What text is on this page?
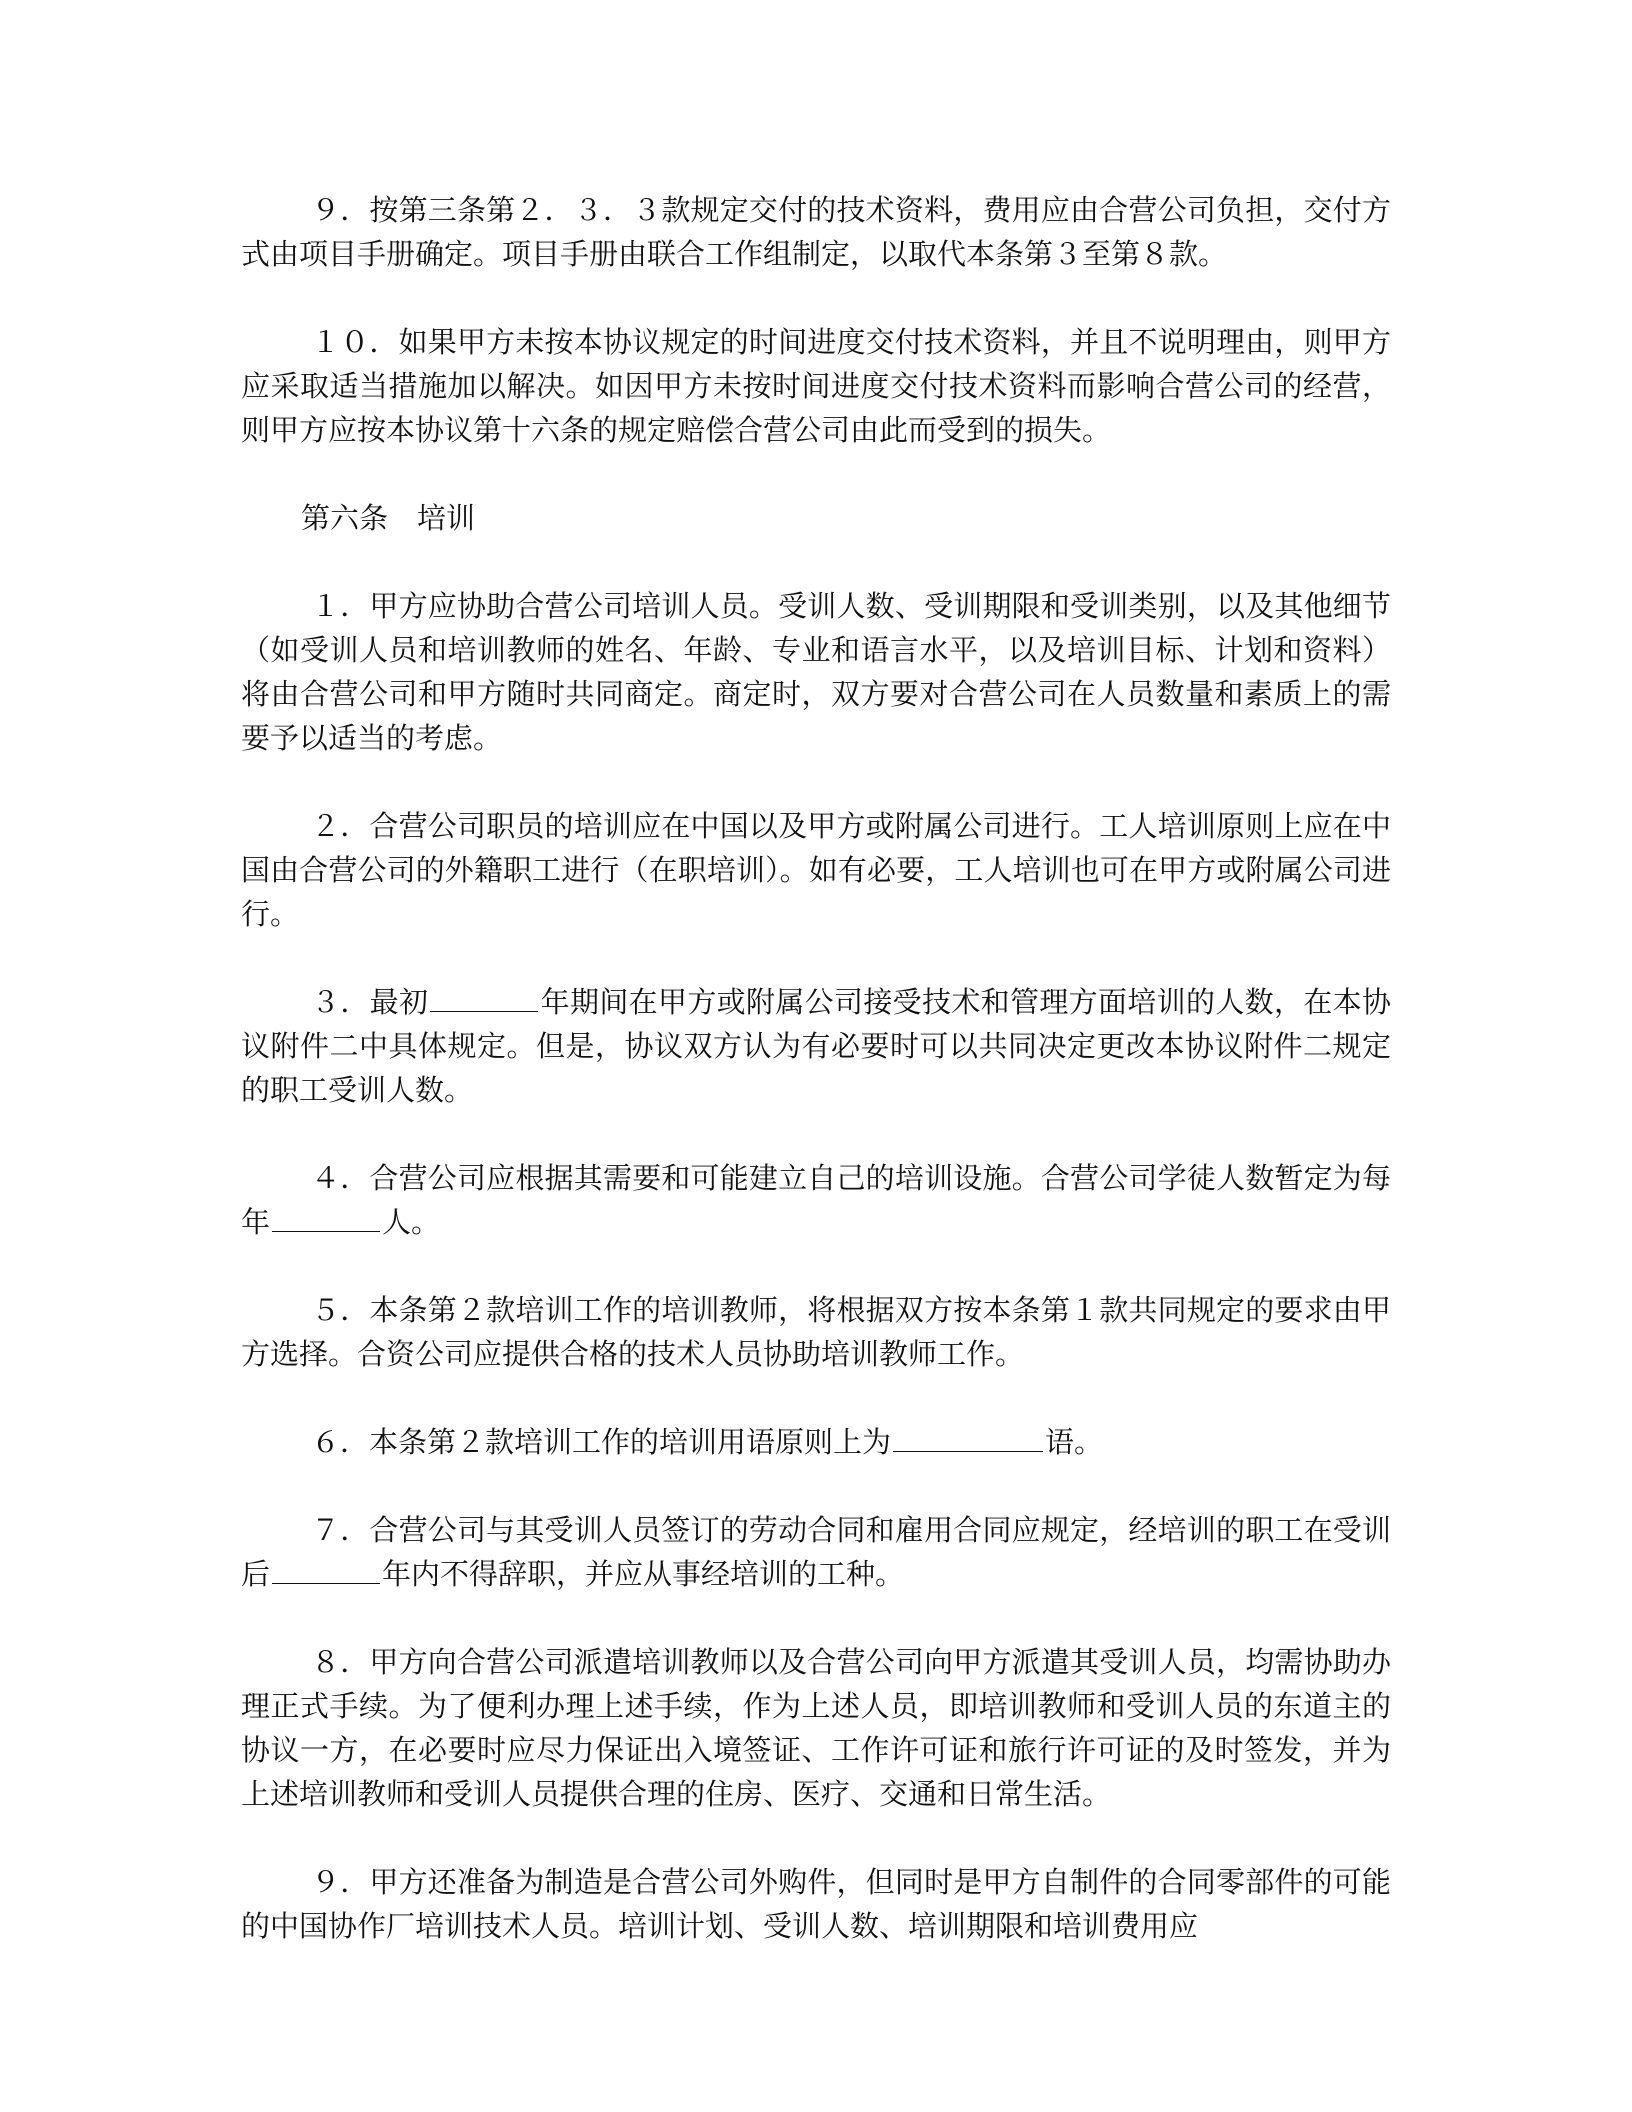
９．按第三条第２．３．３款规定交付的技术资料，费用应由合营公司负担，交付方式由项目手册确定。项目手册由联合工作组制定，以取代本条第３至第８款。

１０．如果甲方未按本协议规定的时间进度交付技术资料，并且不说明理由，则甲方应采取适当措施加以解决。如因甲方未按时间进度交付技术资料而影响合营公司的经营，则甲方应按本协议第十六条的规定赔偿合营公司由此而受到的损失。

第六条　培训

１．甲方应协助合营公司培训人员。受训人数、受训期限和受训类别，以及其他细节（如受训人员和培训教师的姓名、年龄、专业和语言水平，以及培训目标、计划和资料）将由合营公司和甲方随时共同商定。商定时，双方要对合营公司在人员数量和素质上的需要予以适当的考虑。

２．合营公司职员的培训应在中国以及甲方或附属公司进行。工人培训原则上应在中国由合营公司的外籍职工进行（在职培训）。如有必要，工人培训也可在甲方或附属公司进行。

３．最初	年期间在甲方或附属公司接受技术和管理方面培训的人数，在本协议附件二中具体规定。但是，协议双方认为有必要时可以共同决定更改本协议附件二规定的职工受训人数。

４．合营公司应根据其需要和可能建立自己的培训设施。合营公司学徒人数暂定为每年	人。

５．本条第２款培训工作的培训教师，将根据双方按本条第１款共同规定的要求由甲方选择。合资公司应提供合格的技术人员协助培训教师工作。

６．本条第２款培训工作的培训用语原则上为	语。

７．合营公司与其受训人员签订的劳动合同和雇用合同应规定，经培训的职工在受训后	年内不得辞职，并应从事经培训的工种。

８．甲方向合营公司派遣培训教师以及合营公司向甲方派遣其受训人员，均需协助办理正式手续。为了便利办理上述手续，作为上述人员，即培训教师和受训人员的东道主的协议一方，在必要时应尽力保证出入境签证、工作许可证和旅行许可证的及时签发，并为上述培训教师和受训人员提供合理的住房、医疗、交通和日常生活。

９．甲方还准备为制造是合营公司外购件，但同时是甲方自制件的合同零部件的可能的中国协作厂培训技术人员。培训计划、受训人数、培训期限和培训费用应
